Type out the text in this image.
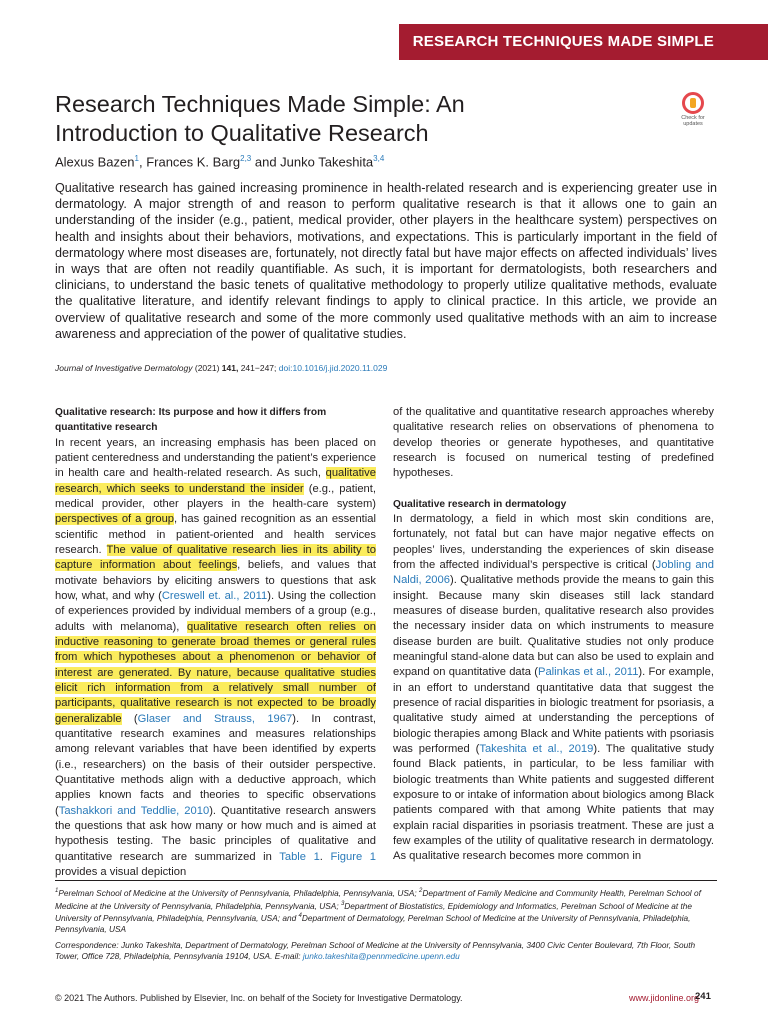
RESEARCH TECHNIQUES MADE SIMPLE
Research Techniques Made Simple: An
Introduction to Qualitative Research
Check for
updates
Alexus Bazen$^1$, Frances K. Barg$^{2,3}$ and Junko Takeshita$^{3,4}$

Qualitative research has gained increasing prominence in health-related research and is experiencing greater use in dermatology. A major strength of and reason to perform qualitative research is that it allows one to gain an understanding of the insider (e.g., patient, medical provider, other players in the healthcare system) perspectives on health and insights about their behaviors, motivations, and expectations. This is particularly important in the field of dermatology where most diseases are, fortunately, not directly fatal but have major effects on affected individuals’ lives in ways that are often not readily quantifiable. As such, it is important for dermatologists, both researchers and clinicians, to understand the basic tenets of qualitative methodology to properly utilize qualitative methods, evaluate the qualitative literature, and identify relevant findings to apply to clinical practice. In this article, we provide an overview of qualitative research and some of the more commonly used qualitative methods with an aim to increase awareness and appreciation of the power of qualitative studies.

Journal of Investigative Dermatology (2021) 141, 241−247; doi:10.1016/j.jid.2020.11.029

Qualitative research: Its purpose and how it differs from quantitative research

In recent years, an increasing emphasis has been placed on patient centeredness and understanding the patient’s experience in health care and health-related research. As such, qualitative research, which seeks to understand the insider (e.g., patient, medical provider, other players in the health-care system) perspectives of a group, has gained recognition as an essential scientific method in patient-oriented and health services research. The value of qualitative research lies in its ability to capture information about feelings, beliefs, and values that motivate behaviors by eliciting answers to questions that ask how, what, and why (Creswell et. al., 2011). Using the collection of experiences provided by individual members of a group (e.g., adults with melanoma), qualitative research often relies on inductive reasoning to generate broad themes or general rules from which hypotheses about a phenomenon or behavior of interest are generated. By nature, because qualitative studies elicit rich information from a relatively small number of participants, qualitative research is not expected to be broadly generalizable (Glaser and Strauss, 1967). In contrast, quantitative research examines and measures relationships among relevant variables that have been identified by experts (i.e., researchers) on the basis of their outsider perspective. Quantitative methods align with a deductive approach, which applies known facts and theories to specific observations (Tashakkori and Teddlie, 2010). Quantitative research answers the questions that ask how many or how much and is aimed at hypothesis testing. The basic principles of qualitative and quantitative research are summarized in Table 1. Figure 1 provides a visual depiction

of the qualitative and quantitative research approaches whereby qualitative research relies on observations of phenomena to develop theories or generate hypotheses, and quantitative research is focused on numerical testing of predefined hypotheses.

Qualitative research in dermatology

In dermatology, a field in which most skin conditions are, fortunately, not fatal but can have major negative effects on peoples’ lives, understanding the experiences of skin disease from the affected individual’s perspective is critical (Jobling and Naldi, 2006). Qualitative methods provide the means to gain this insight. Because many skin diseases still lack standard measures of disease burden, qualitative research also provides the necessary insider data on which instruments to measure disease burden are built. Qualitative studies not only produce meaningful stand-alone data but can also be used to explain and expand on quantitative data (Palinkas et al., 2011). For example, in an effort to understand quantitative data that suggest the presence of racial disparities in biologic treatment for psoriasis, a qualitative study aimed at understanding the perceptions of biologic therapies among Black and White patients with psoriasis was performed (Takeshita et al., 2019). The qualitative study found Black patients, in particular, to be less familiar with biologic treatments than White patients and suggested different exposure to or intake of information about biologics among Black patients compared with that among White patients that may explain racial disparities in psoriasis treatment. These are just a few examples of the utility of qualitative research in dermatology. As qualitative research becomes more common in

$^1$Perelman School of Medicine at the University of Pennsylvania, Philadelphia, Pennsylvania, USA; $^2$Department of Family Medicine and Community Health, Perelman School of Medicine at the University of Pennsylvania, Philadelphia, Pennsylvania, USA; $^3$Department of Biostatistics, Epidemiology and Informatics, Perelman School of Medicine at the University of Pennsylvania, Philadelphia, Pennsylvania, USA; and $^4$Department of Dermatology, Perelman School of Medicine at the University of Pennsylvania, Philadelphia, Pennsylvania, USA
Correspondence: Junko Takeshita, Department of Dermatology, Perelman School of Medicine at the University of Pennsylvania, 3400 Civic Center Boulevard, 7th Floor, South Tower, Office 728, Philadelphia, Pennsylvania 19104, USA. E-mail: junko.takeshita@pennmedicine.upenn.edu
© 2021 The Authors. Published by Elsevier, Inc. on behalf of the Society for Investigative Dermatology.	www.jidonline.org
241
